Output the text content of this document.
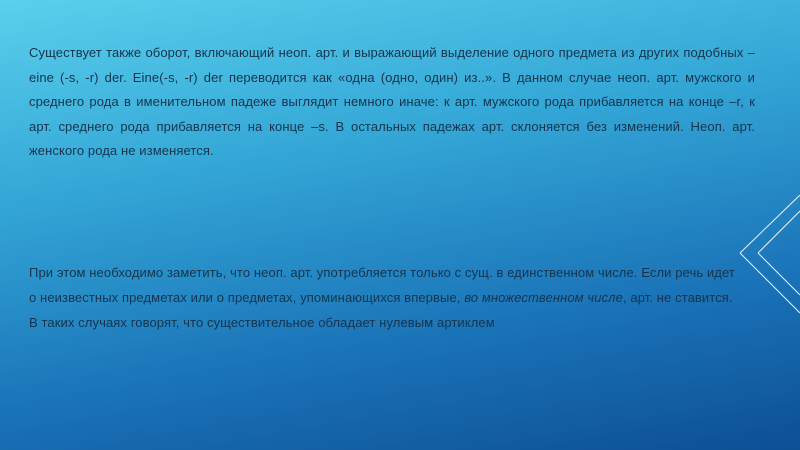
Существует также оборот, включающий неоп. арт. и выражающий выделение одного предмета из других подобных – eine (-s, -r) der. Eine(-s, -r) der переводится как «одна (одно, один) из..». В данном случае неоп. арт. мужского и среднего рода в именительном падеже выглядит немного иначе: к арт. мужского рода прибавляется на конце –r, к арт. среднего рода прибавляется на конце –s. В остальных падежах арт. склоняется без изменений. Неоп. арт. женского рода не изменяется.

При этом необходимо заметить, что неоп. арт. употребляется только с сущ. в единственном числе. Если речь идет о неизвестных предметах или о предметах, упоминающихся впервые, во множественном числе, арт. не ставится. В таких случаях говорят, что существительное обладает нулевым артиклем
